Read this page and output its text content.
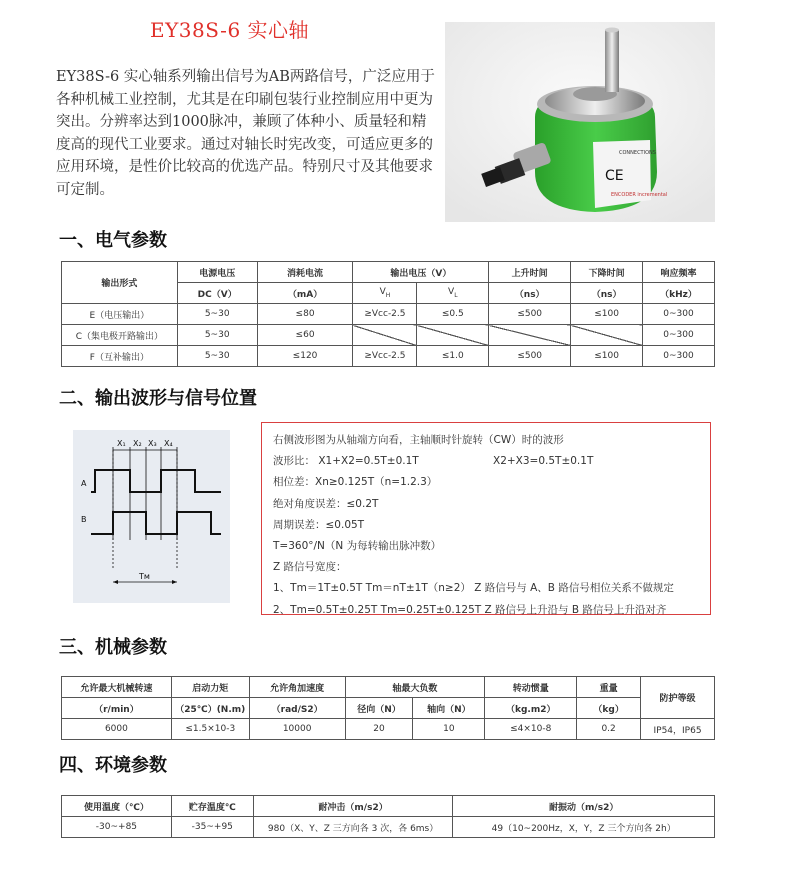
EY38S-6 实心轴
EY38S-6 实心轴系列输出信号为AB两路信号，广泛应用于各种机械工业控制，尤其是在印刷包装行业控制应用中更为突出。分辨率达到1000脉冲，兼顾了体种小、质量轻和精度高的现代工业要求。通过对轴长时宪改变，可适应更多的应用环境，是性价比较高的优选产品。特别尺寸及其他要求可定制。
CE
CONNECTIONS
ENCODER incremental
一、电气参数
输出形式	电源电压	消耗电流	输出电压（V）		上升时间	下降时间	响应频率
	DC（V）	（mA）	$V_H$	$V_L$	（ns）	（ns）	（kHz）
E（电压输出）	5~30	≤80	≥Vcc-2.5	≤0.5	≤500	≤100	0~300
C（集电极开路输出）	5~30	≤60					0~300
F（互补输出）	5~30	≤120	≥Vcc-2.5	≤1.0	≤500	≤100	0~300
二、输出波形与信号位置
X₁ X₂ X₃ X₄
A
B
Tм
右侧波形图为从轴端方向看，主轴顺时针旋转（CW）时的波形
波形比： X1+X2=0.5T±0.1T	X2+X3=0.5T±0.1T
相位差：Xn≥0.125T（n=1.2.3）
绝对角度误差：≤0.2T
周期误差：≤0.05T
T=360°/N（N 为每转输出脉冲数）
Z 路信号宽度：
1、Tm＝1T±0.5T Tm＝nT±1T（n≥2） Z 路信号与 A、B 路信号相位关系不做规定
2、Tm=0.5T±0.25T Tm=0.25T±0.125T Z 路信号上升沿与 B 路信号上升沿对齐
三、机械参数
允许最大机械转速	启动力矩	允许角加速度	轴最大负数		转动惯量	重量	防护等级
（r/min）	（25℃）(N.m)	（rad/S2）	径向（N）	轴向（N）	（kg.m2）	（kg）	
6000	≤1.5×10-3	10000	20	10	≤4×10-8	0.2	IP54，IP65
四、环境参数
使用温度（℃）	贮存温度℃	耐冲击（m/s2）	耐振动（m/s2）
-30~+85	-35~+95	980（X、Y、Z 三方向各 3 次，各 6ms）	49（10~200Hz，X，Y，Z 三个方向各 2h）
